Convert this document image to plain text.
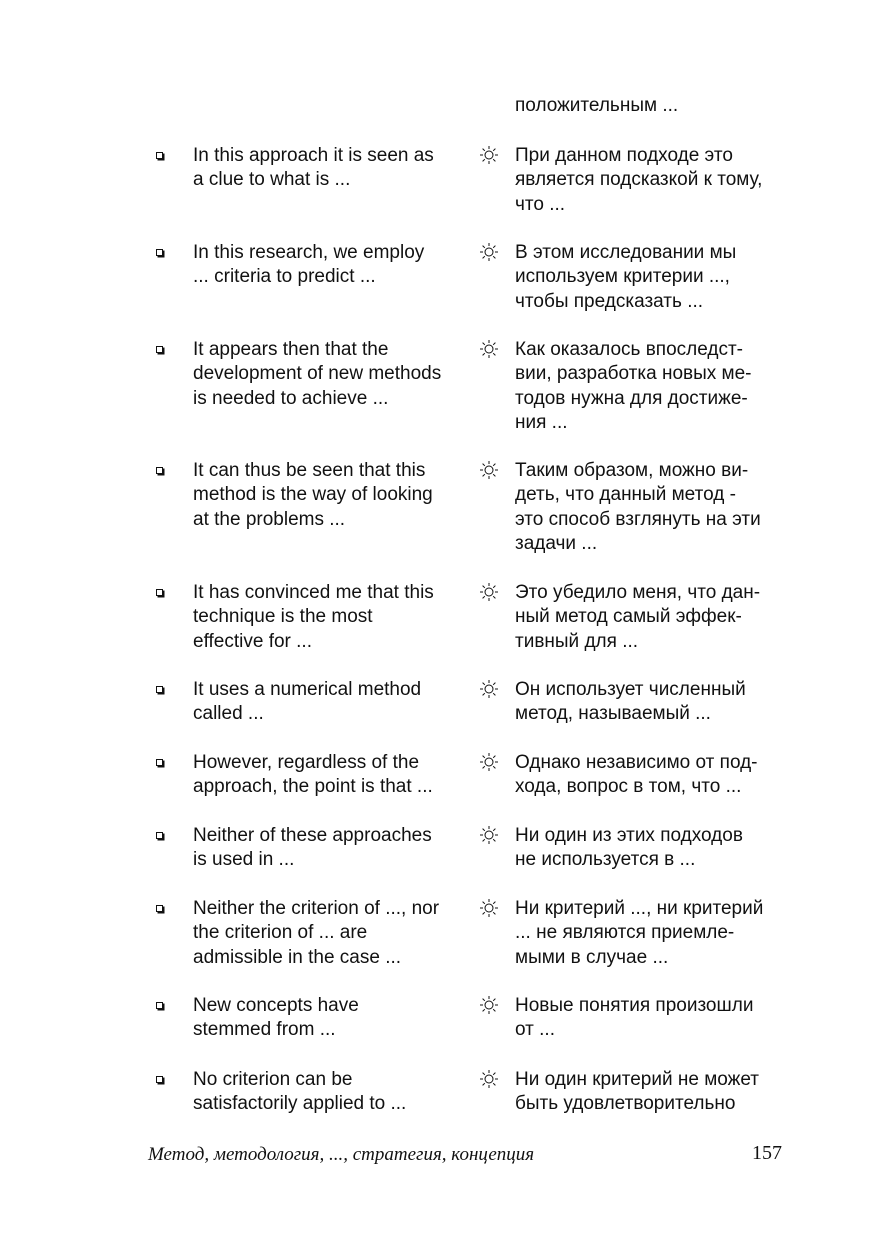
положительным ...
In this approach it is seen as
a clue to what is ...
При данном подходе это
является подсказкой к тому,
что ...
In this research, we employ
... criteria to predict ...
В этом исследовании мы
используем критерии ...,
чтобы предсказать ...
It appears then that the
development of new methods
is needed to achieve ...
Как оказалось впоследст-
вии, разработка новых ме-
тодов нужна для достиже-
ния ...
It can thus be seen that this
method is the way of looking
at the problems ...
Таким образом, можно ви-
деть, что данный метод -
это способ взглянуть на эти
задачи ...
It has convinced me that this
technique is the most
effective for ...
Это убедило меня, что дан-
ный метод самый эффек-
тивный для ...
It uses a numerical method
called ...
Он использует численный
метод, называемый ...
However, regardless of the
approach, the point is that ...
Однако независимо от под-
хода, вопрос в том, что ...
Neither of these approaches
is used in ...
Ни один из этих подходов
не используется в ...
Neither the criterion of ..., nor
the criterion of ... are
admissible in the case ...
Ни критерий ..., ни критерий
... не являются приемле-
мыми в случае ...
New concepts have
stemmed from ...
Новые понятия произошли
от ...
No criterion can be
satisfactorily applied to ...
Ни один критерий не может
быть удовлетворительно
Метод, методология, ..., стратегия, концепция	157
